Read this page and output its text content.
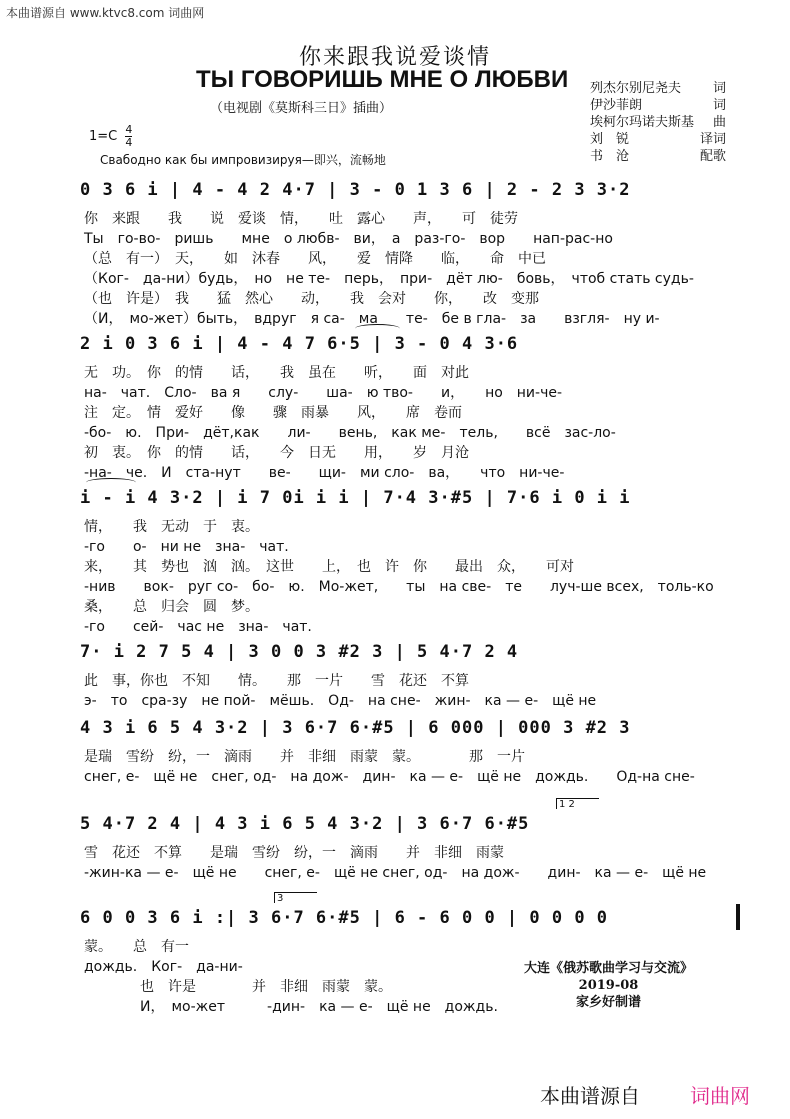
本曲谱源自 www.ktvc8.com 词曲网
你来跟我说爱谈情
ТЫ ГОВОРИШЬ МНЕ О ЛЮБВИ
（电视剧《莫斯科三日》插曲）
列杰尔别尼尧夫 词
伊沙菲朗	词
埃柯尔玛诺夫斯基 曲
刘　锐	译词
书　沧	配歌
$1=C \frac{4}{4}$
Свабодно как бы импровизируя—即兴，流畅地
0 3 6 i | 4 - 4 2 4·7 | 3 - 0 1 3 6 | 2 - 2 3 3·2
你　来跟　　我　　说　爱谈　情，　　吐　露心　　声，　　可　徒劳
Ты　го-во-　ришь　　мне　о любв-　ви，　а　раз-го-　вор　　нап-рас-но
（总　有一）　天，　　如　沐春　　风，　　爱　情降　　临，　　命　中已
（Ког-　да-ни）будь，　но　не те-　перь，　при-　дёт лю-　бовь，　чтоб стать судь-
（也　许是）　我　　猛　然心　　动，　　我　会对　　你，　　改　变那
（И，　мо-жет）быть，　вдруг　я са-　ма　　те-　бе в гла-　за　　взгля-　ну и-
2 i 0 3 6 i | 4 - 4 7 6·5 | 3 - 0 4 3·6
无　功。　你　的情　　话，　　我　虽在　　听，　　面　对此
на-　чат.　Сло-　ва я　　слу-　　ша-　ю тво-　　и，　　но　ни-че-
注　定。　情　爱好　　像　　骤　雨暴　　风，　　席　卷而
-бо-　ю.　При-　дёт,как　　ли-　　вень,　как ме-　тель,　　всё　зас-ло-
初　衷。　你　的情　　话，　　今　日无　　用，　　岁　月沧
-на-　че.　И　ста-нут　　ве-　　щи-　ми сло-　ва，　　что　ни-че-
i - i 4 3·2 | i 7 0i i i | 7·4 3·#5 | 7·6 i 0 i i
情，　　我　无动　于　衷。
-го　　о-　ни не　зна-　чат.
来，　　其　势也　汹　汹。　这世　　上，　也　许　你　　最出　众，　　可对
-нив　　вок-　руг со-　бо-　ю.　Мо-жет,　　ты　на све-　те　　луч-ше всех,　толь-ко
桑，　　总　归会　圆　梦。
-го　　сей-　час не　зна-　чат.
7· i 2 7 5 4 | 3 0 0 3 #2 3 | 5 4·7 2 4
此　事，你也　不知　　情。　　那　一片　　雪　花还　不算
э-　то　сра-зу　не пой-　мёшь.　Од-　на сне-　жин-　ка — е-　щё не
4 3 i 6 5 4 3·2 | 3 6·7 6·#5 | 6 000 | 000 3 #2 3
是瑞　雪纷　纷，一　滴雨　　并　非细　雨蒙　蒙。　　　　那　一片
снег, е-　щё не　снег, од-　на дож-　дин-　ка — е-　щё не　дождь.　　Од-на сне-
1 2
5 4·7 2 4 | 4 3 i 6 5 4 3·2 | 3 6·7 6·#5
雪　花还　不算　　是瑞　雪纷　纷，一　滴雨　　并　非细　雨蒙
-жин-ка — е-　щё не　　снег, е-　щё не снег, од-　на дож-　　дин-　ка — е-　щё не
3
6 0 0 3 6 i :| 3 6·7 6·#5 | 6 - 6 0 0 | 0 0 0 0
蒙。　　总　有一
дождь.　Ког-　да-ни-
　　　　也　许是　　　　并　非细　雨蒙　蒙。
　　　　И，　мо-жет　　　-дин-　ка — е-　щё не　дождь.
大连《俄苏歌曲学习与交流》
2019-08
家乡好制谱
本曲谱源自	词曲网
